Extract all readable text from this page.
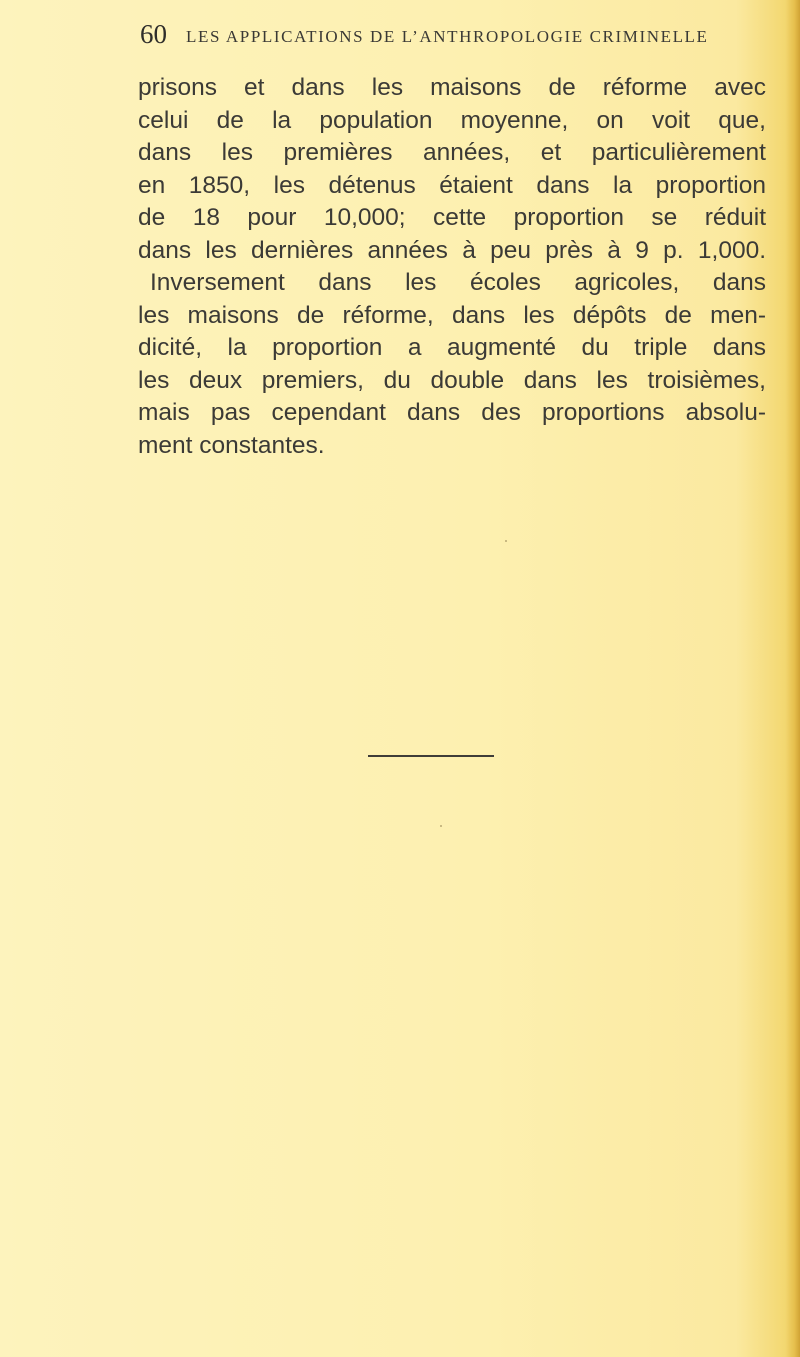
60 LES APPLICATIONS DE L’ANTHROPOLOGIE CRIMINELLE
prisons et dans les maisons de réforme avec
celui de la population moyenne, on voit que,
dans les premières années, et particulièrement
en 1850, les détenus étaient dans la proportion
de 18 pour 10,000; cette proportion se réduit
dans les dernières années à peu près à 9 p. 1,000.
Inversement dans les écoles agricoles, dans
les maisons de réforme, dans les dépôts de men-
dicité, la proportion a augmenté du triple dans
les deux premiers, du double dans les troisièmes,
mais pas cependant dans des proportions absolu-
ment constantes.
